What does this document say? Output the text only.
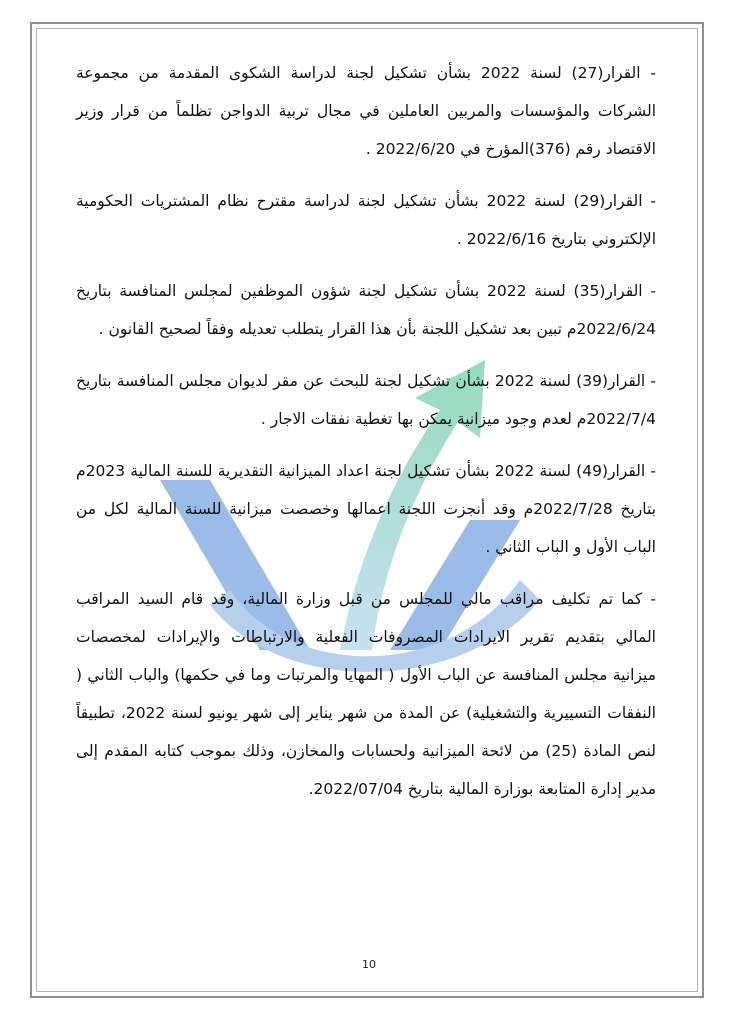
- القرار(27) لسنة 2022 بشأن تشكيل لجنة لدراسة الشكوى المقدمة من مجموعة الشركات والمؤسسات والمربين العاملين في مجال تربية الدواجن تظلماً من قرار وزير الاقتصاد رقم (376)المؤرخ في 2022/6/20 .

- القرار(29) لسنة 2022 بشأن تشكيل لجنة لدراسة مقترح نظام المشتريات الحكومية الإلكتروني بتاريخ 2022/6/16 .

- القرار(35) لسنة 2022 بشأن تشكيل لجنة شؤون الموظفين لمجلس المنافسة بتاريخ 2022/6/24م تبين بعد تشكيل اللجنة بأن هذا القرار يتطلب تعديله وفقاً لصحيح القانون .

- القرار(39) لسنة 2022 بشأن تشكيل لجنة للبحث عن مقر لديوان مجلس المنافسة بتاريخ 2022/7/4م لعدم وجود ميزانية يمكن بها تغطية نفقات الاجار .

- القرار(49) لسنة 2022 بشأن تشكيل لجنة اعداد الميزانية التقديرية للسنة المالية 2023م بتاريخ 2022/7/28م وقد أنجزت اللجنة اعمالها وخصصت ميزانية للسنة المالية لكل من الباب الأول و الباب الثاني .

- كما تم تكليف مراقب مالي للمجلس من قبل وزارة المالية، وقد قام السيد المراقب المالي بتقديم تقرير الايرادات المصروفات الفعلية والارتباطات والإيرادات لمخصصات ميزانية مجلس المنافسة عن الباب الأول ( المهايا والمرتبات وما في حكمها) والباب الثاني ( النفقات التسييرية والتشغيلية) عن المدة من شهر يناير إلى شهر يونيو لسنة 2022، تطبيقاً لنص المادة (25) من لائحة الميزانية ولحسابات والمخازن، وذلك بموجب كتابه المقدم إلى مدير إدارة المتابعة بوزارة المالية بتاريخ 2022/07/04.

10
